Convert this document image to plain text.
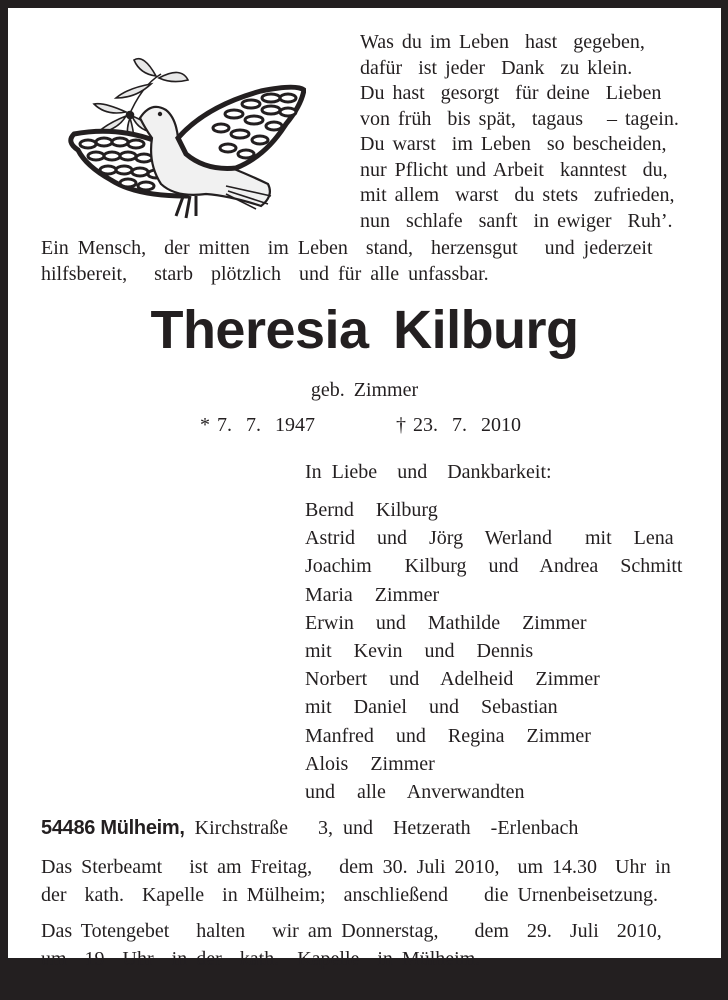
Was du im Leben  hast  gegeben,
dafür  ist jeder  Dank  zu klein.
Du hast  gesorgt  für deine  Lieben
von früh  bis spät,  tagaus   – tagein.
Du warst  im Leben  so bescheiden,
nur Pflicht und Arbeit  kanntest  du,
mit allem  warst  du stets  zufrieden,
nun  schlafe  sanft  in ewiger  Ruh’.
Ein Mensch,  der mitten  im Leben  stand,  herzensgut   und jederzeit
hilfsbereit,   starb  plötzlich  und für alle unfassbar.
Theresia Kilburg
geb. Zimmer
* 7.  7.  1947	† 23.  7.  2010
In Liebe  und  Dankbarkeit:
Bernd  Kilburg
Astrid  und  Jörg  Werland   mit  Lena
Joachim   Kilburg  und  Andrea  Schmitt
Maria  Zimmer
Erwin  und  Mathilde  Zimmer
mit  Kevin  und  Dennis
Norbert  und  Adelheid  Zimmer
mit  Daniel  und  Sebastian
Manfred  und  Regina  Zimmer
Alois  Zimmer
und  alle  Anverwandten
54486 Mülheim, Kirchstraße   3, und  Hetzerath  -Erlenbach
Das Sterbeamt   ist am Freitag,   dem 30. Juli 2010,  um 14.30  Uhr in
der  kath.  Kapelle  in Mülheim;  anschließend    die Urnenbeisetzung.
Das Totengebet   halten   wir am Donnerstag,    dem  29.  Juli  2010,
um  19  Uhr  in der  kath.  Kapelle  in Mülheim.
